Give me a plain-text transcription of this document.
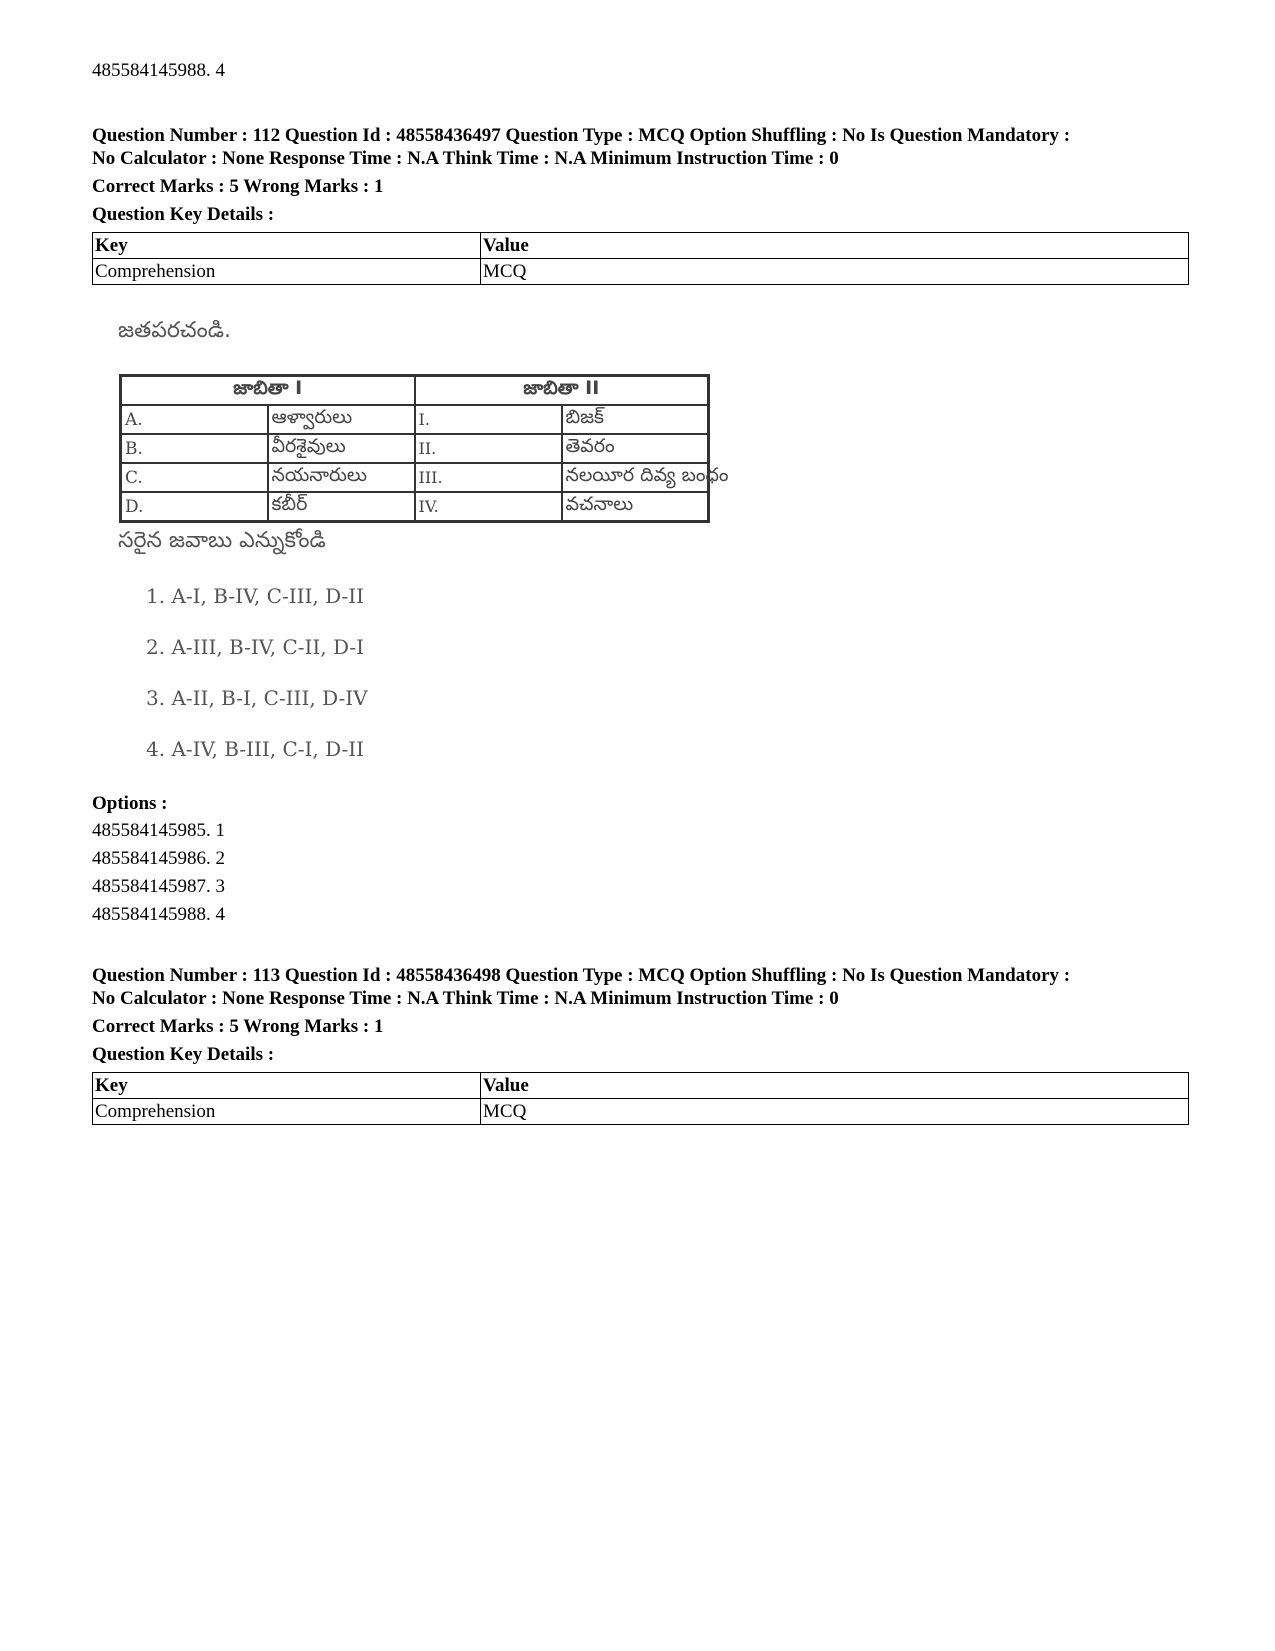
485584145988. 4
Question Number : 112 Question Id : 48558436497 Question Type : MCQ Option Shuffling : No Is Question Mandatory :
No Calculator : None Response Time : N.A Think Time : N.A Minimum Instruction Time : 0
Correct Marks : 5 Wrong Marks : 1
Question Key Details :
Key	Value
Comprehension	MCQ
జతపరచండి.
జాబితా I		జాబితా II	
A.	ఆళ్వారులు	I.	బిజక్
B.	వీరశైవులు	II.	తెవరం
C.	నయనారులు	III.	నలయీర దివ్య బంధం
D.	కబీర్	IV.	వచనాలు
సరైన జవాబు ఎన్నుకోండి
1. A-I, B-IV, C-III, D-II
2. A-III, B-IV, C-II, D-I
3. A-II, B-I, C-III, D-IV
4. A-IV, B-III, C-I, D-II
Options :
485584145985. 1
485584145986. 2
485584145987. 3
485584145988. 4
Question Number : 113 Question Id : 48558436498 Question Type : MCQ Option Shuffling : No Is Question Mandatory :
No Calculator : None Response Time : N.A Think Time : N.A Minimum Instruction Time : 0
Correct Marks : 5 Wrong Marks : 1
Question Key Details :
Key	Value
Comprehension	MCQ
